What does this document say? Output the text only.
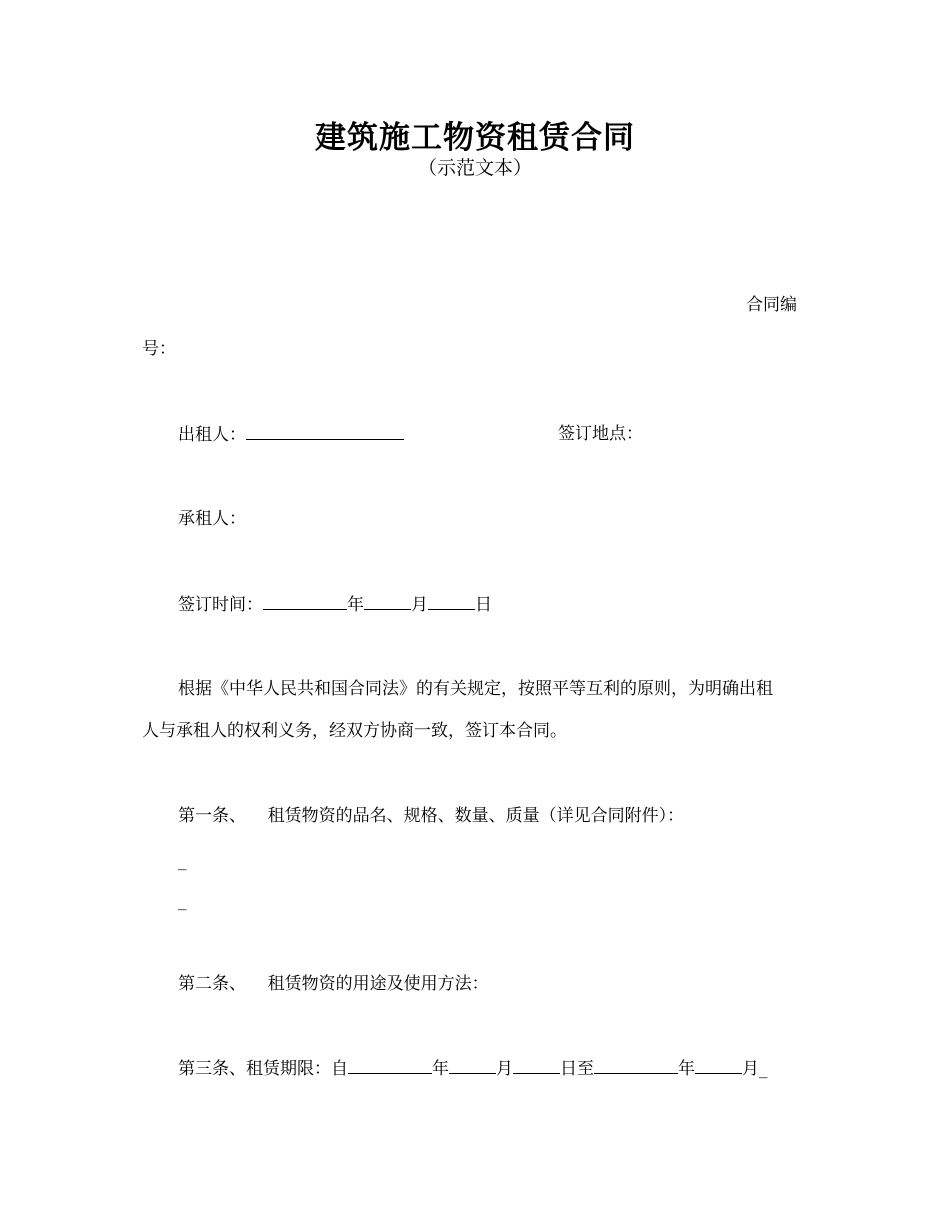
建筑施工物资租赁合同
（示范文本）
合同编
号：
出租人：	签订地点：
承租人：
签订时间：	年	月	日
根据《中华人民共和国合同法》的有关规定，按照平等互利的原则，为明确出租
人与承租人的权利义务，经双方协商一致，签订本合同。
第一条、    租赁物资的品名、规格、数量、质量（详见合同附件）：
_
_
第二条、    租赁物资的用途及使用方法：
第三条、租赁期限：自	年	月	日至	年	月_
